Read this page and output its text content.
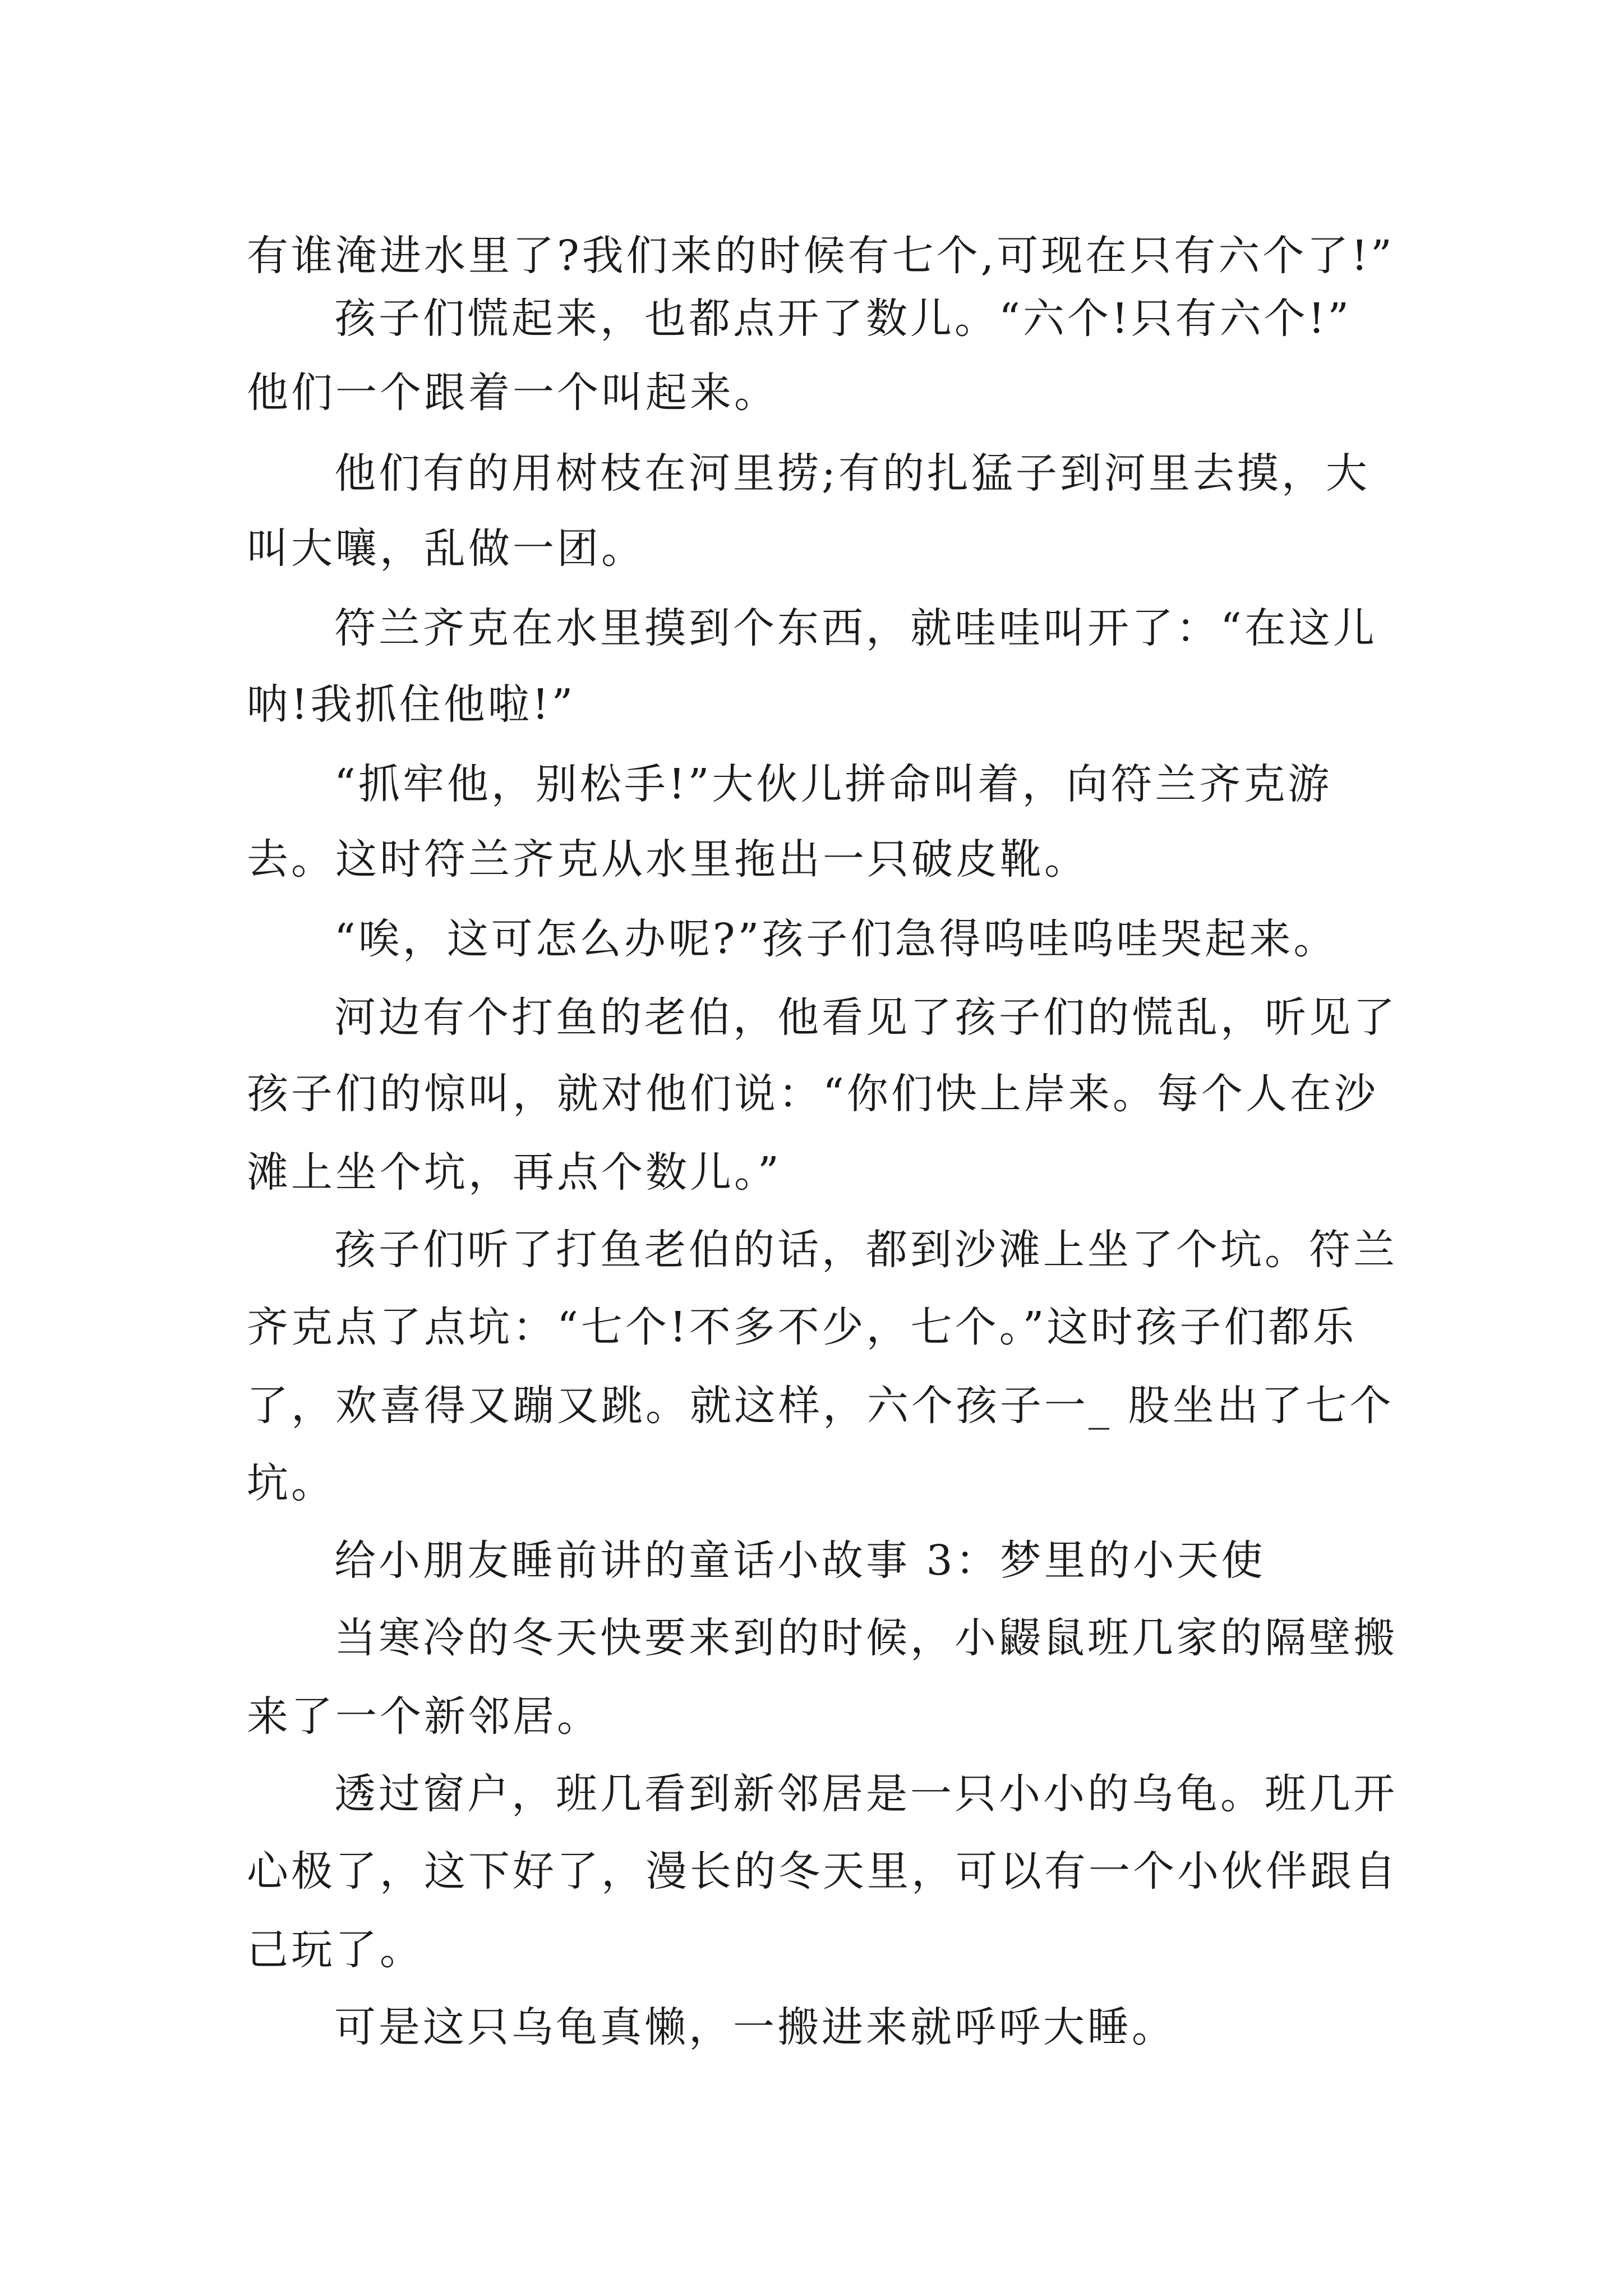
有谁淹进水里了?我们来的时候有七个,可现在只有六个了!”
孩子们慌起来，也都点开了数儿。“六个!只有六个!”
他们一个跟着一个叫起来。
他们有的用树枝在河里捞;有的扎猛子到河里去摸，大
叫大嚷，乱做一团。
符兰齐克在水里摸到个东西，就哇哇叫开了：“在这儿
呐!我抓住他啦!”
“抓牢他，别松手!”大伙儿拼命叫着，向符兰齐克游
去。这时符兰齐克从水里拖出一只破皮靴。
“唉，这可怎么办呢?”孩子们急得呜哇呜哇哭起来。
河边有个打鱼的老伯，他看见了孩子们的慌乱，听见了
孩子们的惊叫，就对他们说：“你们快上岸来。每个人在沙
滩上坐个坑，再点个数儿。”
孩子们听了打鱼老伯的话，都到沙滩上坐了个坑。符兰
齐克点了点坑：“七个!不多不少，七个。”这时孩子们都乐
了，欢喜得又蹦又跳。就这样，六个孩子一_ 股坐出了七个
坑。
给小朋友睡前讲的童话小故事 3：梦里的小天使
当寒冷的冬天快要来到的时候，小鼹鼠班几家的隔壁搬
来了一个新邻居。
透过窗户，班几看到新邻居是一只小小的乌龟。班几开
心极了，这下好了，漫长的冬天里，可以有一个小伙伴跟自
己玩了。
可是这只乌龟真懒，一搬进来就呼呼大睡。
